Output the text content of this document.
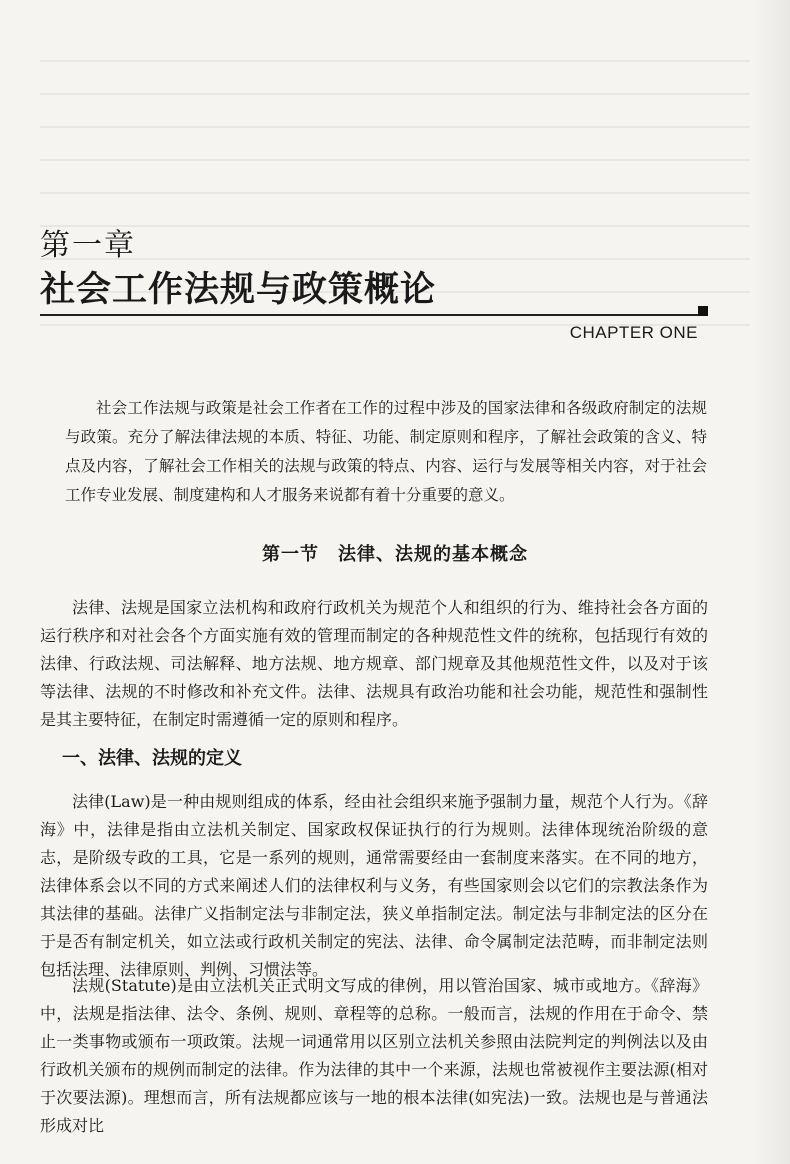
第一章
社会工作法规与政策概论
CHAPTER ONE

社会工作法规与政策是社会工作者在工作的过程中涉及的国家法律和各级政府制定的法规与政策。充分了解法律法规的本质、特征、功能、制定原则和程序，了解社会政策的含义、特点及内容，了解社会工作相关的法规与政策的特点、内容、运行与发展等相关内容，对于社会工作专业发展、制度建构和人才服务来说都有着十分重要的意义。

第一节　法律、法规的基本概念

法律、法规是国家立法机构和政府行政机关为规范个人和组织的行为、维持社会各方面的运行秩序和对社会各个方面实施有效的管理而制定的各种规范性文件的统称，包括现行有效的法律、行政法规、司法解释、地方法规、地方规章、部门规章及其他规范性文件，以及对于该等法律、法规的不时修改和补充文件。法律、法规具有政治功能和社会功能，规范性和强制性是其主要特征，在制定时需遵循一定的原则和程序。

一、法律、法规的定义

法律(Law)是一种由规则组成的体系，经由社会组织来施予强制力量，规范个人行为。《辞海》中，法律是指由立法机关制定、国家政权保证执行的行为规则。法律体现统治阶级的意志，是阶级专政的工具，它是一系列的规则，通常需要经由一套制度来落实。在不同的地方，法律体系会以不同的方式来阐述人们的法律权利与义务，有些国家则会以它们的宗教法条作为其法律的基础。法律广义指制定法与非制定法，狭义单指制定法。制定法与非制定法的区分在于是否有制定机关，如立法或行政机关制定的宪法、法律、命令属制定法范畴，而非制定法则包括法理、法律原则、判例、习惯法等。

法规(Statute)是由立法机关正式明文写成的律例，用以管治国家、城市或地方。《辞海》中，法规是指法律、法令、条例、规则、章程等的总称。一般而言，法规的作用在于命令、禁止一类事物或颁布一项政策。法规一词通常用以区别立法机关参照由法院判定的判例法以及由行政机关颁布的规例而制定的法律。作为法律的其中一个来源，法规也常被视作主要法源(相对于次要法源)。理想而言，所有法规都应该与一地的根本法律(如宪法)一致。法规也是与普通法形成对比
